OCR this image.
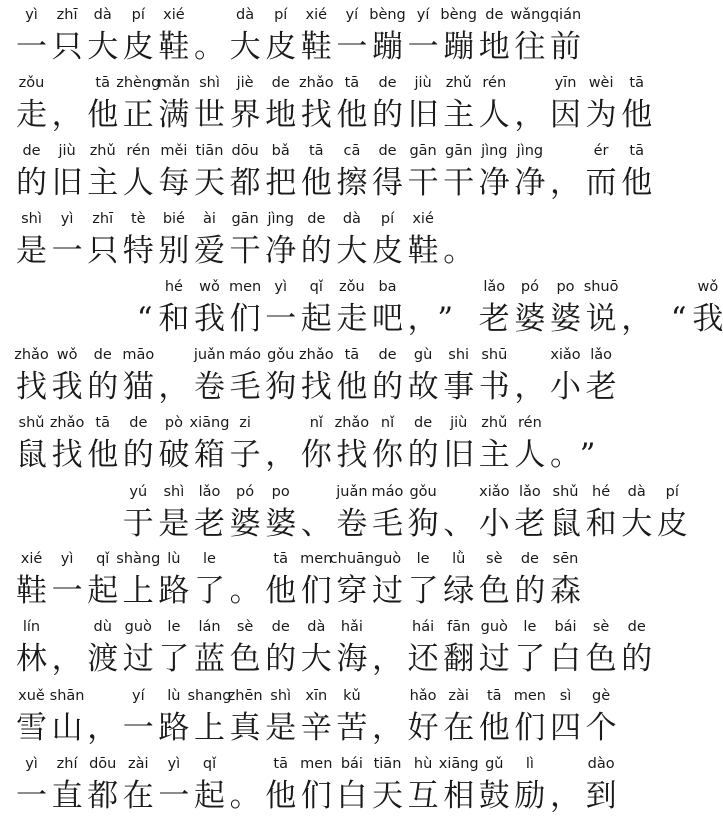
一
yì
只
zhī
大
dà
皮
pí
鞋
xié
。 大
dà
皮
pí
鞋
xié
一
yí
蹦
bèng
一
yí
蹦
bèng
地
de
往
wǎng
前
qián
走
zǒu
， 他
tā
正
zhèng
满
mǎn
世
shì
界
jiè
地
de
找
zhǎo
他
tā
的
de
旧
jiù
主
zhǔ
人
rén
， 因
yīn
为
wèi
他
tā
的
de
旧
jiù
主
zhǔ
人
rén
每
měi
天
tiān
都
dōu
把
bǎ
他
tā
擦
cā
得
de
干
gān
干
gān
净
jìng
净
jìng
， 而
ér
他
tā
是
shì
一
yì
只
zhī
特
tè
别
bié
爱
ài
干
gān
净
jìng
的
de
大
dà
皮
pí
鞋
xié
。
“ 和
hé
我
wǒ
们
men
一
yì
起
qǐ
走
zǒu
吧
ba
，
” 老
lǎo
婆
pó
婆
po
说
shuō
， “ 我
wǒ
找
zhǎo
我
wǒ
的
de
猫
māo
， 卷
juǎn
毛
máo
狗
gǒu
找
zhǎo
他
tā
的
de
故
gù
事
shi
书
shū
， 小
xiǎo
老
lǎo
鼠
shǔ
找
zhǎo
他
tā
的
de
破
pò
箱
xiāng
子
zi
， 你
nǐ
找
zhǎo
你
nǐ
的
de
旧
jiù
主
zhǔ
人
rén
。
”
于
yú
是
shì
老
lǎo
婆
pó
婆
po
、 卷
juǎn
毛
máo
狗
gǒu
、 小
xiǎo
老
lǎo
鼠
shǔ
和
hé
大
dà
皮
pí
鞋
xié
一
yì
起
qǐ
上
shàng
路
lù
了
le
。 他
tā
们
men
穿
chuān
过
guò
了
le
绿
lǜ
色
sè
的
de
森
sēn
林
lín
， 渡
dù
过
guò
了
le
蓝
lán
色
sè
的
de
大
dà
海
hǎi
， 还
hái
翻
fān
过
guò
了
le
白
bái
色
sè
的
de
雪
xuě
山
shān
， 一
yí
路
lù
上
shang
真
zhēn
是
shì
辛
xīn
苦
kǔ
， 好
hǎo
在
zài
他
tā
们
men
四
sì
个
gè
一
yì
直
zhí
都
dōu
在
zài
一
yì
起
qǐ
。 他
tā
们
men
白
bái
天
tiān
互
hù
相
xiāng
鼓
gǔ
励
lì
， 到
dào
